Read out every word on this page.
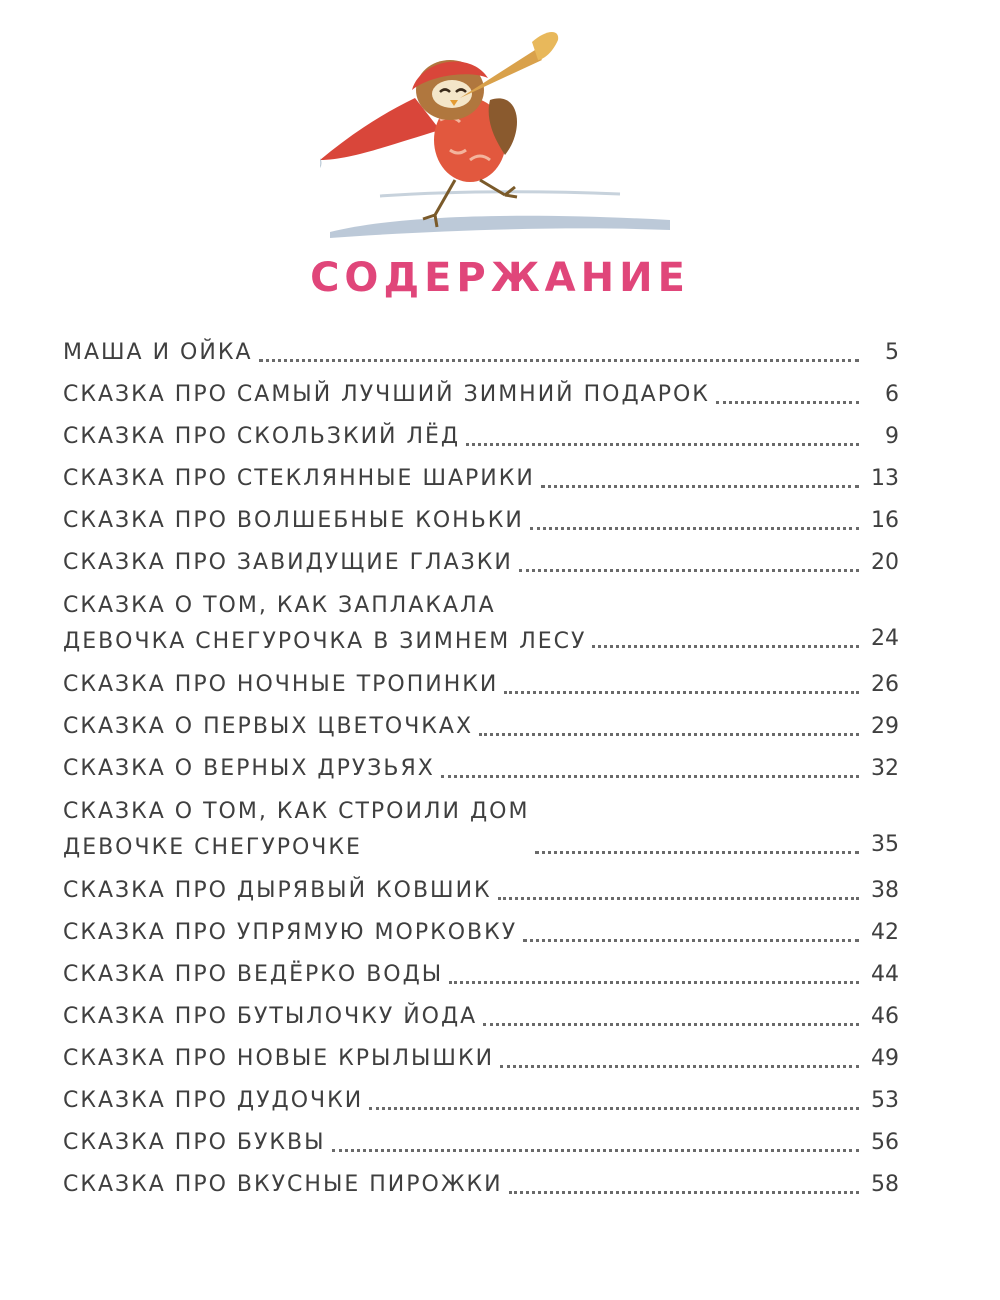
СОДЕРЖАНИЕ
МАША И ОЙКА	5
СКАЗКА ПРО САМЫЙ ЛУЧШИЙ ЗИМНИЙ ПОДАРОК	6
СКАЗКА ПРО СКОЛЬЗКИЙ ЛЁД	9
СКАЗКА ПРО СТЕКЛЯННЫЕ ШАРИКИ	13
СКАЗКА ПРО ВОЛШЕБНЫЕ КОНЬКИ	16
СКАЗКА ПРО ЗАВИДУЩИЕ ГЛАЗКИ	20
СКАЗКА О ТОМ, КАК ЗАПЛАКАЛА
ДЕВОЧКА СНЕГУРОЧКА В ЗИМНЕМ ЛЕСУ	24
СКАЗКА ПРО НОЧНЫЕ ТРОПИНКИ	26
СКАЗКА О ПЕРВЫХ ЦВЕТОЧКАХ	29
СКАЗКА О ВЕРНЫХ ДРУЗЬЯХ	32
СКАЗКА О ТОМ, КАК СТРОИЛИ ДОМ
ДЕВОЧКЕ СНЕГУРОЧКЕ	35
СКАЗКА ПРО ДЫРЯВЫЙ КОВШИК	38
СКАЗКА ПРО УПРЯМУЮ МОРКОВКУ	42
СКАЗКА ПРО ВЕДЁРКО ВОДЫ	44
СКАЗКА ПРО БУТЫЛОЧКУ ЙОДА	46
СКАЗКА ПРО НОВЫЕ КРЫЛЫШКИ	49
СКАЗКА ПРО ДУДОЧКИ	53
СКАЗКА ПРО БУКВЫ	56
СКАЗКА ПРО ВКУСНЫЕ ПИРОЖКИ	58
